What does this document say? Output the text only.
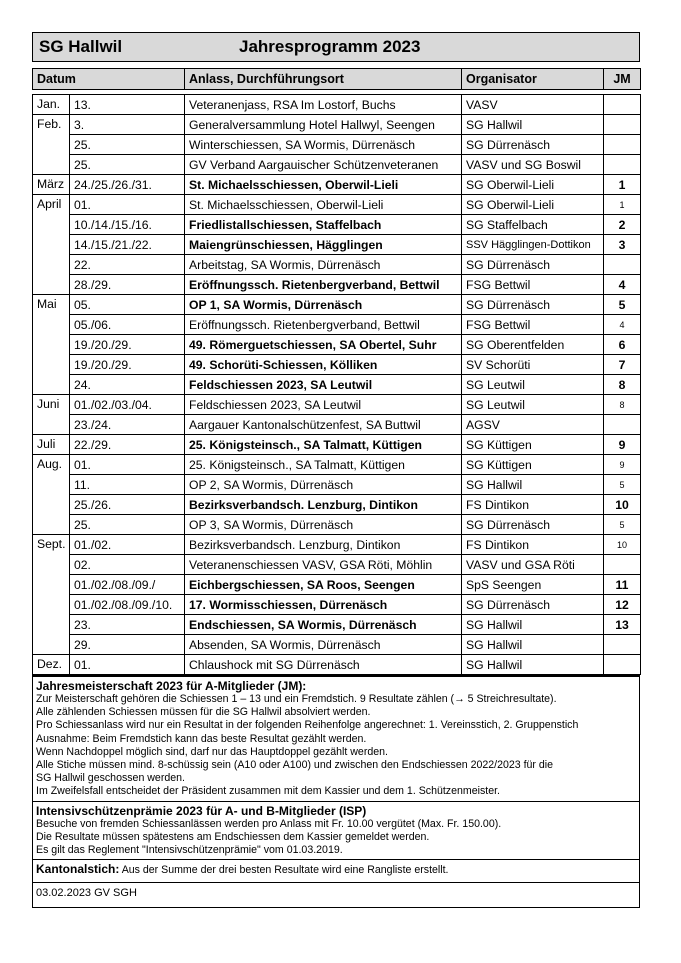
SG Hallwil	Jahresprogramm 2023
Datum		Anlass, Durchführungsort	Organisator	JM

Jan.	13.	Veteranenjass, RSA Im Lostorf, Buchs	VASV	
Feb.	3.	Generalversammlung Hotel Hallwyl, Seengen	SG Hallwil	
	25.	Winterschiessen, SA Wormis, Dürrenäsch	SG Dürrenäsch	
	25.	GV Verband Aargauischer Schützenveteranen	VASV und SG Boswil	
März	24./25./26./31.	St. Michaelsschiessen, Oberwil-Lieli	SG Oberwil-Lieli	1
April	01.	St. Michaelsschiessen, Oberwil-Lieli	SG Oberwil-Lieli	1
	10./14./15./16.	Friedlistallschiessen, Staffelbach	SG Staffelbach	2
	14./15./21./22.	Maiengrünschiessen, Hägglingen	SSV Hägglingen-Dottikon	3
	22.	Arbeitstag, SA Wormis, Dürrenäsch	SG Dürrenäsch	
	28./29.	Eröffnungssch. Rietenbergverband, Bettwil	FSG Bettwil	4
Mai	05.	OP 1, SA Wormis, Dürrenäsch	SG Dürrenäsch	5
	05./06.	Eröffnungssch. Rietenbergverband, Bettwil	FSG Bettwil	4
	19./20./29.	49. Römerguetschiessen, SA Obertel, Suhr	SG Oberentfelden	6
	19./20./29.	49. Schorüti-Schiessen, Kölliken	SV Schorüti	7
	24.	Feldschiessen 2023, SA Leutwil	SG Leutwil	8
Juni	01./02./03./04.	Feldschiessen 2023, SA Leutwil	SG Leutwil	8
	23./24.	Aargauer Kantonalschützenfest, SA Buttwil	AGSV	
Juli	22./29.	25. Königsteinsch., SA Talmatt, Küttigen	SG Küttigen	9
Aug.	01.	25. Königsteinsch., SA Talmatt, Küttigen	SG Küttigen	9
	11.	OP 2, SA Wormis, Dürrenäsch	SG Hallwil	5
	25./26.	Bezirksverbandsch. Lenzburg, Dintikon	FS Dintikon	10
	25.	OP 3, SA Wormis, Dürrenäsch	SG Dürrenäsch	5
Sept.	01./02.	Bezirksverbandsch. Lenzburg, Dintikon	FS Dintikon	10
	02.	Veteranenschiessen VASV, GSA Röti, Möhlin	VASV und GSA Röti	
	01./02./08./09./	Eichbergschiessen, SA Roos, Seengen	SpS Seengen	11
	01./02./08./09./10.	17. Wormisschiessen, Dürrenäsch	SG Dürrenäsch	12
	23.	Endschiessen, SA Wormis, Dürrenäsch	SG Hallwil	13
	29.	Absenden, SA Wormis, Dürrenäsch	SG Hallwil	
Dez.	01.	Chlaushock mit SG Dürrenäsch	SG Hallwil	
Jahresmeisterschaft 2023 für A-Mitglieder (JM):
Zur Meisterschaft gehören die Schiessen 1 – 13 und ein Fremdstich. 9 Resultate zählen (→ 5 Streichresultate).
Alle zählenden Schiessen müssen für die SG Hallwil absolviert werden.
Pro Schiessanlass wird nur ein Resultat in der folgenden Reihenfolge angerechnet: 1. Vereinsstich, 2. Gruppenstich
Ausnahme: Beim Fremdstich kann das beste Resultat gezählt werden.
Wenn Nachdoppel möglich sind, darf nur das Hauptdoppel gezählt werden.
Alle Stiche müssen mind. 8-schüssig sein (A10 oder A100) und zwischen den Endschiessen 2022/2023 für die
SG Hallwil geschossen werden.
Im Zweifelsfall entscheidet der Präsident zusammen mit dem Kassier und dem 1. Schützenmeister.
Intensivschützenprämie 2023 für A- und B-Mitglieder (ISP)
Besuche von fremden Schiessanlässen werden pro Anlass mit Fr. 10.00 vergütet (Max. Fr. 150.00).
Die Resultate müssen spätestens am Endschiessen dem Kassier gemeldet werden.
Es gilt das Reglement "Intensivschützenprämie" vom 01.03.2019.
Kantonalstich: Aus der Summe der drei besten Resultate wird eine Rangliste erstellt.
03.02.2023 GV SGH
